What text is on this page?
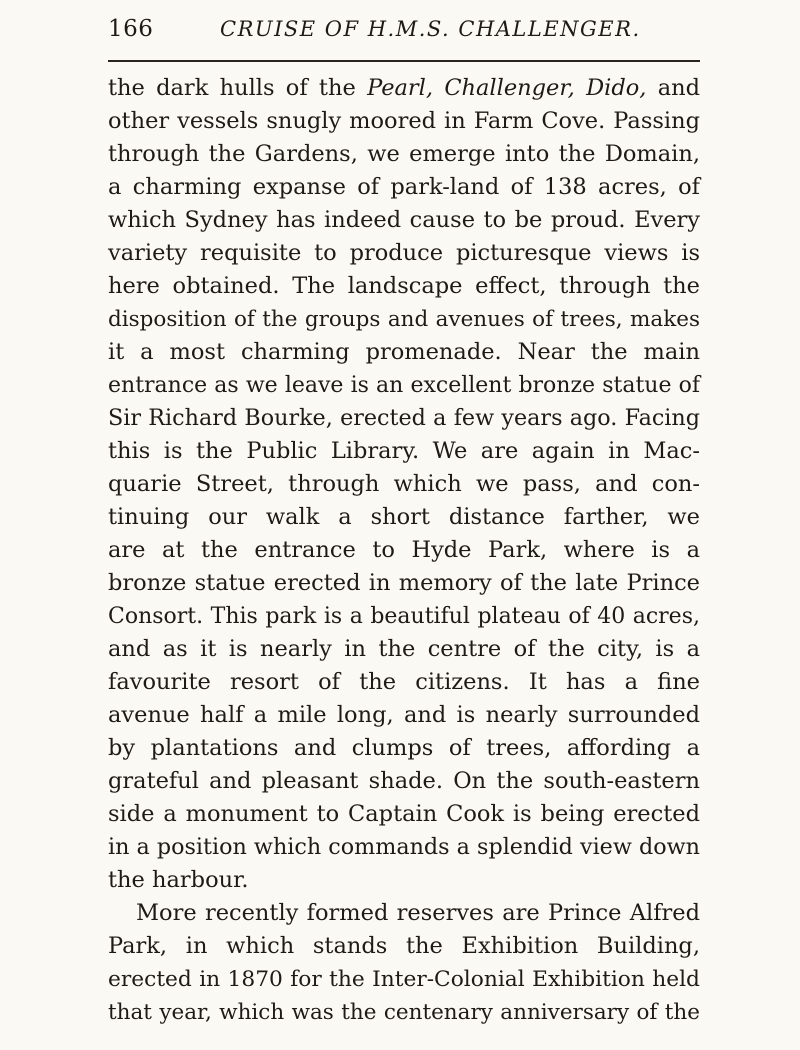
166	CRUISE OF H.M.S. CHALLENGER.
the dark hulls of the Pearl, Challenger, Dido, and
other vessels snugly moored in Farm Cove. Passing
through the Gardens, we emerge into the Domain,
a charming expanse of park-land of 138 acres, of
which Sydney has indeed cause to be proud. Every
variety requisite to produce picturesque views is
here obtained. The landscape effect, through the
disposition of the groups and avenues of trees, makes
it a most charming promenade. Near the main
entrance as we leave is an excellent bronze statue of
Sir Richard Bourke, erected a few years ago. Facing
this is the Public Library. We are again in Mac-
quarie Street, through which we pass, and con-
tinuing our walk a short distance farther, we
are at the entrance to Hyde Park, where is a
bronze statue erected in memory of the late Prince
Consort. This park is a beautiful plateau of 40 acres,
and as it is nearly in the centre of the city, is a
favourite resort of the citizens. It has a fine
avenue half a mile long, and is nearly surrounded
by plantations and clumps of trees, affording a
grateful and pleasant shade. On the south-eastern
side a monument to Captain Cook is being erected
in a position which commands a splendid view down
the harbour.
More recently formed reserves are Prince Alfred
Park, in which stands the Exhibition Building,
erected in 1870 for the Inter-Colonial Exhibition held
that year, which was the centenary anniversary of the
